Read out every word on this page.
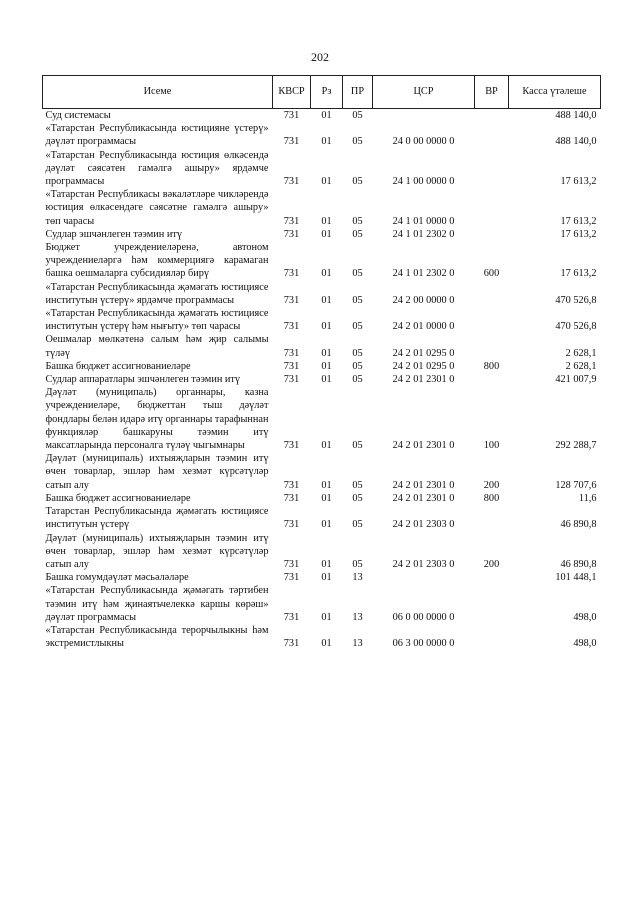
202
Исеме	КВСР	Рз	ПР	ЦСР	ВР	Касса үтәлеше
Суд системасы	731	01	05			488 140,0
«Татарстан Республикасында юстицияне үстерү» дәүләт программасы	731	01	05	24 0 00 0000 0		488 140,0
«Татарстан Республикасында юстиция өлкәсендә дәүләт сәясәтен гамәлгә ашыру» ярдәмче программасы	731	01	05	24 1 00 0000 0		17 613,2
«Татарстан Республикасы вәкаләтләре чикләрендә юстиция өлкәсендәге сәясәтне гамәлгә ашыру» төп чарасы	731	01	05	24 1 01 0000 0		17 613,2
Судлар эшчәнлеген тәэмин итү	731	01	05	24 1 01 2302 0		17 613,2
Бюджет учреждениеләренә, автоном учреждениеләргә һәм коммерциягә карамаган башка оешмаларга субсидияләр бирү	731	01	05	24 1 01 2302 0	600	17 613,2
«Татарстан Республикасында җәмәгать юстициясе институтын үстерү» ярдәмче программасы	731	01	05	24 2 00 0000 0		470 526,8
«Татарстан Республикасында җәмәгать юстициясе институтын үстерү һәм нығыту» төп чарасы	731	01	05	24 2 01 0000 0		470 526,8
Оешмалар мөлкәтенә салым һәм җир салымы түләү	731	01	05	24 2 01 0295 0		2 628,1
Башка бюджет ассигнованиеләре	731	01	05	24 2 01 0295 0	800	2 628,1
Судлар аппаратлары эшчәнлеген тәэмин итү	731	01	05	24 2 01 2301 0		421 007,9
Дәүләт (муниципаль) органнары, казна учреждениеләре, бюджеттан тыш дәүләт фондлары белән идарә итү органнары тарафыннан функцияләр башкаруны тәэмин итү максатларында персоналга түләү чыгымнары	731	01	05	24 2 01 2301 0	100	292 288,7
Дәүләт (муниципаль) ихтыяҗларын тәэмин итү өчен товарлар, эшләр һәм хезмәт күрсәтүләр сатып алу	731	01	05	24 2 01 2301 0	200	128 707,6
Башка бюджет ассигнованиеләре	731	01	05	24 2 01 2301 0	800	11,6
Татарстан Республикасында җәмәгать юстициясе институтын үстерү	731	01	05	24 2 01 2303 0		46 890,8
Дәүләт (муниципаль) ихтыяҗларын тәэмин итү өчен товарлар, эшләр һәм хезмәт күрсәтүләр сатып алу	731	01	05	24 2 01 2303 0	200	46 890,8
Башка гомумдәүләт мәсьәләләре	731	01	13			101 448,1
«Татарстан Республикасында җәмәгать тәртибен тәэмин итү һәм җинаятьчелеккә каршы көрәш» дәүләт программасы	731	01	13	06 0 00 0000 0		498,0
«Татарстан Республикасында терорчылыкны һәм экстремистлыкны	731	01	13	06 3 00 0000 0		498,0
